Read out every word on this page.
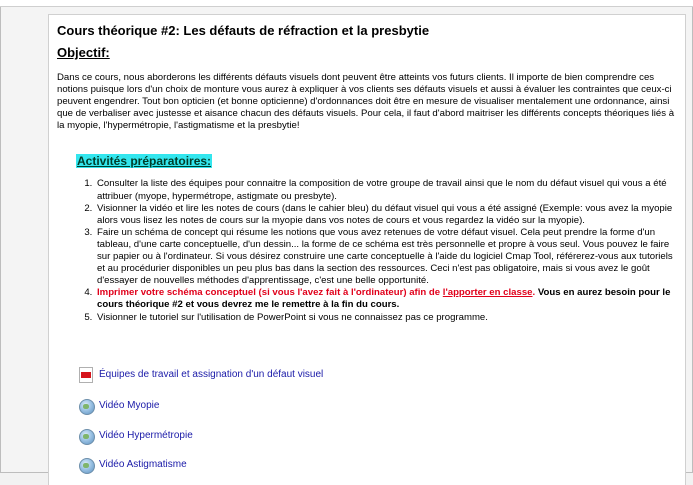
Cours théorique #2: Les défauts de réfraction et la presbytie
Objectif:

Dans ce cours, nous aborderons les différents défauts visuels dont peuvent être atteints vos futurs clients. Il importe de bien comprendre ces notions puisque lors d'un choix de monture vous aurez à expliquer à vos clients ses défauts visuels et aussi à évaluer les contraintes que ceux-ci peuvent engendrer. Tout bon opticien (et bonne opticienne) d'ordonnances doit être en mesure de visualiser mentalement une ordonnance, ainsi que de verbaliser avec justesse et aisance chacun des défauts visuels. Pour cela, il faut d'abord maitriser les différents concepts théoriques liés à la myopie, l'hypermétropie, l'astigmatisme et la presbytie!

Activités préparatoires:
1. Consulter la liste des équipes pour connaitre la composition de votre groupe de travail ainsi que le nom du défaut visuel qui vous a été attribuer (myope, hypermétrope, astigmate ou presbyte).
2. Visionner la vidéo et lire les notes de cours (dans le cahier bleu) du défaut visuel qui vous a été assigné (Exemple: vous avez la myopie alors vous lisez les notes de cours sur la myopie dans vos notes de cours et vous regardez la vidéo sur la myopie).
3. Faire un schéma de concept qui résume les notions que vous avez retenues de votre défaut visuel. Cela peut prendre la forme d'un tableau, d'une carte conceptuelle, d'un dessin... la forme de ce schéma est très personnelle et propre à vous seul. Vous pouvez le faire sur papier ou à l'ordinateur. Si vous désirez construire une carte conceptuelle à l'aide du logiciel Cmap Tool, référerez-vous aux tutoriels et au procédurier disponibles un peu plus bas dans la section des ressources. Ceci n'est pas obligatoire, mais si vous avez le goût d'essayer de nouvelles méthodes d'apprentissage, c'est une belle opportunité.
4. Imprimer votre schéma conceptuel (si vous l'avez fait à l'ordinateur) afin de l'apporter en classe. Vous en aurez besoin pour le cours théorique #2 et vous devrez me le remettre à la fin du cours.
5. Visionner le tutoriel sur l'utilisation de PowerPoint si vous ne connaissez pas ce programme.
Équipes de travail et assignation d'un défaut visuel
Vidéo Myopie
Vidéo Hypermétropie
Vidéo Astigmatisme
